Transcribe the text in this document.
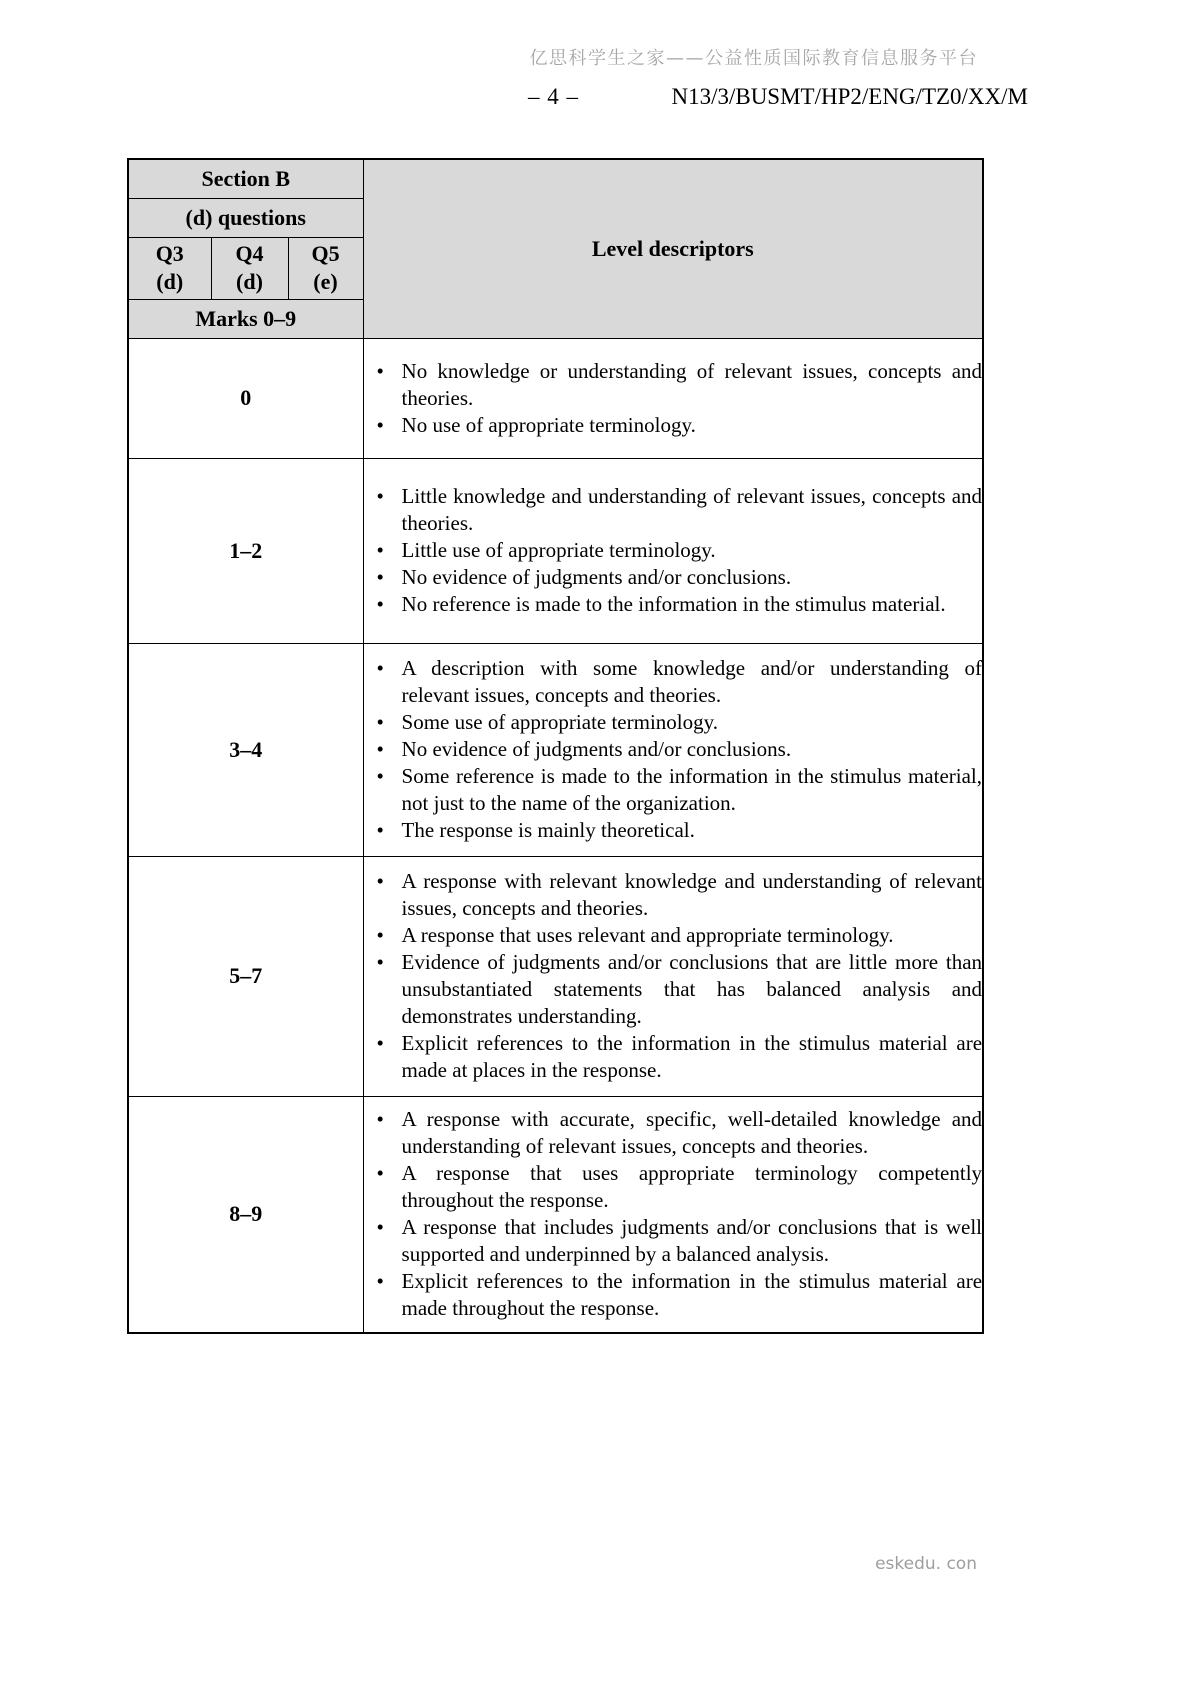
亿思科学生之家——公益性质国际教育信息服务平台
– 4 –	N13/3/BUSMT/HP2/ENG/TZ0/XX/M
Section B			Level descriptors
(d) questions			

Q3
(d)

Q4
(d)

Q5
(e)

Marks 0–9			
0	
• No knowledge or understanding of relevant issues, concepts and theories.
• No use of appropriate terminology.

1–2	
• Little knowledge and understanding of relevant issues, concepts and theories.
• Little use of appropriate terminology.
• No evidence of judgments and/or conclusions.
• No reference is made to the information in the stimulus material.

3–4	
• A description with some knowledge and/or understanding of relevant issues, concepts and theories.
• Some use of appropriate terminology.
• No evidence of judgments and/or conclusions.
• Some reference is made to the information in the stimulus material, not just to the name of the organization.
• The response is mainly theoretical.

5–7	
• A response with relevant knowledge and understanding of relevant issues, concepts and theories.
• A response that uses relevant and appropriate terminology.
• Evidence of judgments and/or conclusions that are little more than unsubstantiated statements that has balanced analysis and demonstrates understanding.
• Explicit references to the information in the stimulus material are made at places in the response.

8–9	
• A response with accurate, specific, well-detailed knowledge and understanding of relevant issues, concepts and theories.
• A response that uses appropriate terminology competently throughout the response.
• A response that includes judgments and/or conclusions that is well supported and underpinned by a balanced analysis.
• Explicit references to the information in the stimulus material are made throughout the response.
eskedu. con
